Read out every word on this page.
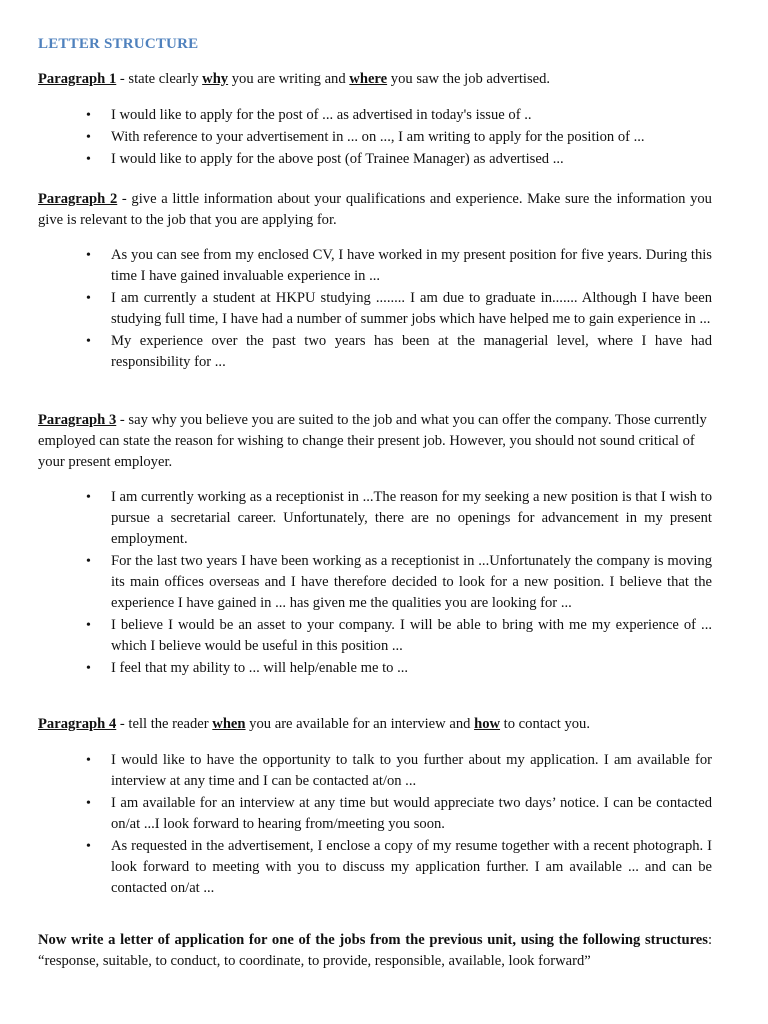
LETTER STRUCTURE
Paragraph 1 - state clearly why you are writing and where you saw the job advertised.
• I would like to apply for the post of ... as advertised in today's issue of ..
• With reference to your advertisement in ... on ..., I am writing to apply for the position of ...
• I would like to apply for the above post (of Trainee Manager) as advertised ...
Paragraph 2 - give a little information about your qualifications and experience. Make sure the information you give is relevant to the job that you are applying for.
• As you can see from my enclosed CV, I have worked in my present position for five years. During this time I have gained invaluable experience in ...
• I am currently a student at HKPU studying ........ I am due to graduate in....... Although I have been studying full time, I have had a number of summer jobs which have helped me to gain experience in ...
• My experience over the past two years has been at the managerial level, where I have had responsibility for ...
Paragraph 3 - say why you believe you are suited to the job and what you can offer the company. Those currently employed can state the reason for wishing to change their present job. However, you should not sound critical of your present employer.
• I am currently working as a receptionist in ...The reason for my seeking a new position is that I wish to pursue a secretarial career. Unfortunately, there are no openings for advancement in my present employment.
• For the last two years I have been working as a receptionist in ...Unfortunately the company is moving its main offices overseas and I have therefore decided to look for a new position. I believe that the experience I have gained in ... has given me the qualities you are looking for ...
• I believe I would be an asset to your company. I will be able to bring with me my experience of ... which I believe would be useful in this position ...
• I feel that my ability to ... will help/enable me to ...
Paragraph 4 - tell the reader when you are available for an interview and how to contact you.
• I would like to have the opportunity to talk to you further about my application. I am available for interview at any time and I can be contacted at/on ...
• I am available for an interview at any time but would appreciate two days’ notice. I can be contacted on/at ...I look forward to hearing from/meeting you soon.
• As requested in the advertisement, I enclose a copy of my resume together with a recent photograph. I look forward to meeting with you to discuss my application further. I am available ... and can be contacted on/at ...
Now write a letter of application for one of the jobs from the previous unit, using the following structures: “response, suitable, to conduct, to coordinate, to provide, responsible, available, look forward”
